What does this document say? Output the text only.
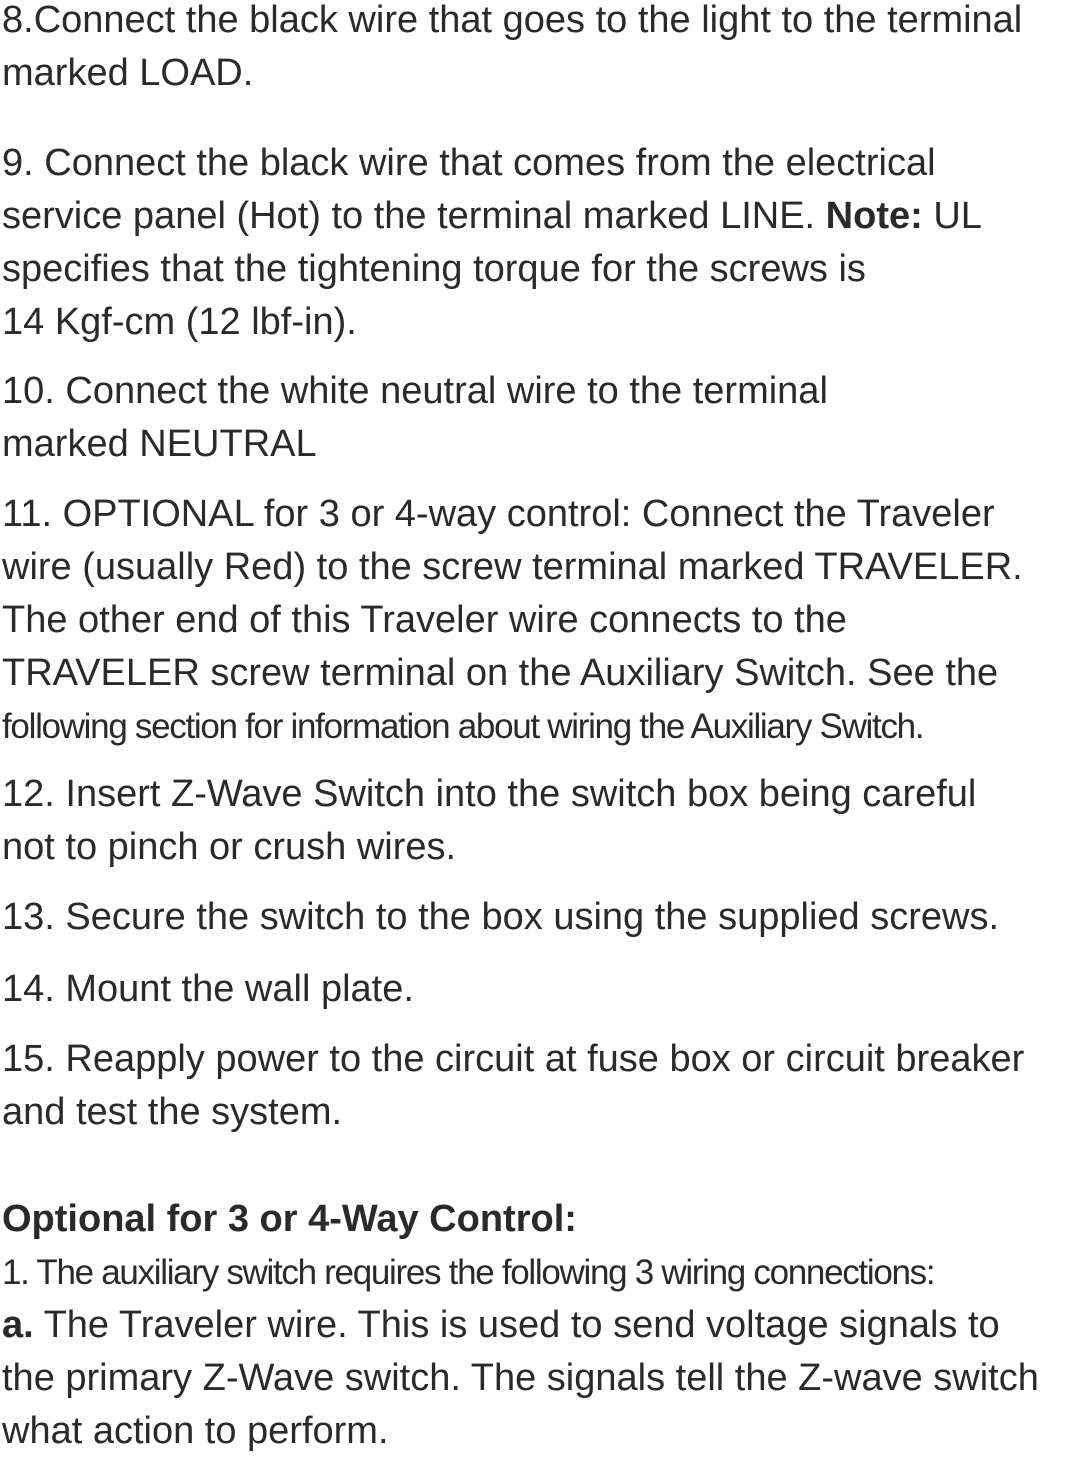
8.Connect the black wire that goes to the light to the terminal
marked LOAD.

9. Connect the black wire that comes from the electrical
service panel (Hot) to the terminal marked LINE. Note: UL
specifies that the tightening torque for the screws is
14 Kgf-cm (12 lbf-in).

10. Connect the white neutral wire to the terminal
marked NEUTRAL

11. OPTIONAL for 3 or 4-way control: Connect the Traveler
wire (usually Red) to the screw terminal marked TRAVELER.
The other end of this Traveler wire connects to the
TRAVELER screw terminal on the Auxiliary Switch. See the
following section for information about wiring the Auxiliary Switch.

12. Insert Z-Wave Switch into the switch box being careful
not to pinch or crush wires.

13. Secure the switch to the box using the supplied screws.

14. Mount the wall plate.

15. Reapply power to the circuit at fuse box or circuit breaker
and test the system.

Optional for 3 or 4-Way Control:
1. The auxiliary switch requires the following 3 wiring connections:
a. The Traveler wire. This is used to send voltage signals to
the primary Z-Wave switch. The signals tell the Z-wave switch
what action to perform.
